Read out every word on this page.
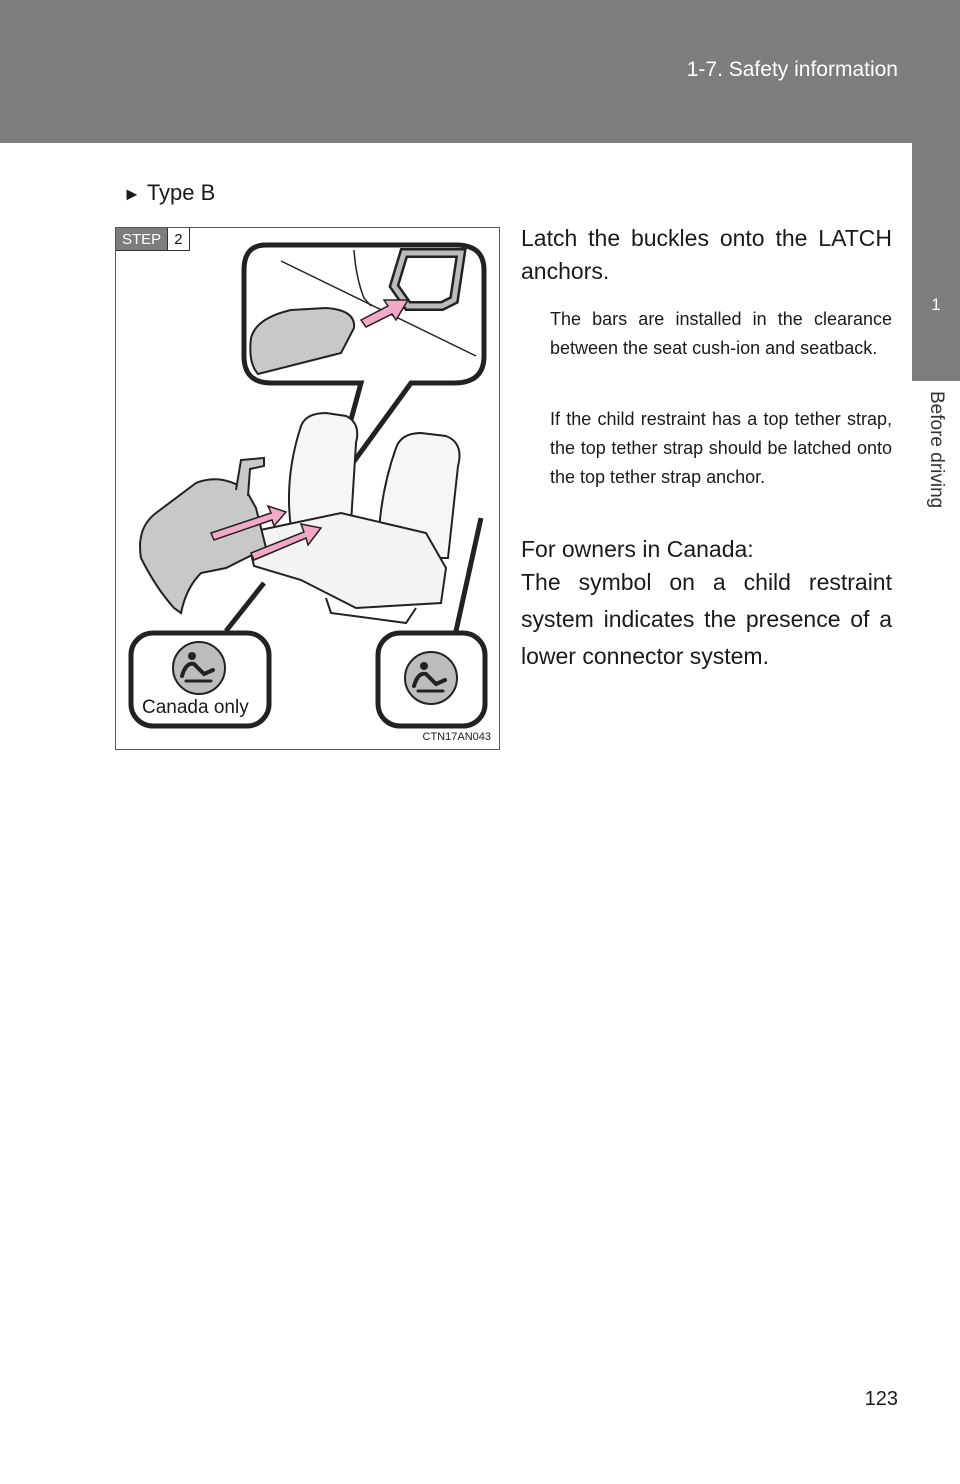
1-7. Safety information
1
Before driving
► Type B
STEP 2
Canada only
CTN17AN043
Latch the buckles onto the LATCH anchors.
The bars are installed in the clearance between the seat cush-ion and seatback.
If the child restraint has a top tether strap, the top tether strap should be latched onto the top tether strap anchor.
For owners in Canada:
The symbol on a child restraint system indicates the presence of a lower connector system.
123
